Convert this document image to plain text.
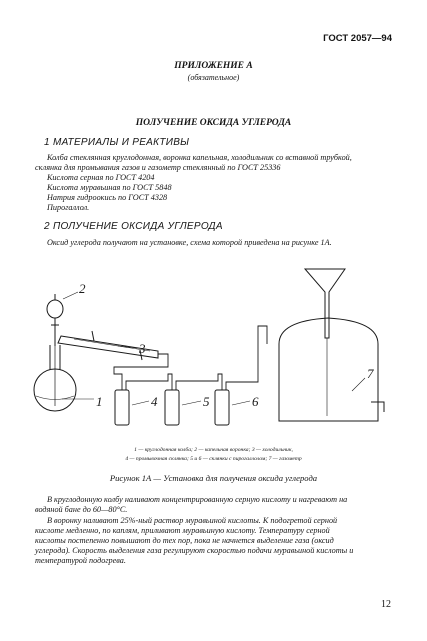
ГОСТ 2057—94
ПРИЛОЖЕНИЕ А
(обязательное)
ПОЛУЧЕНИЕ ОКСИДА УГЛЕРОДА
1 МАТЕРИАЛЫ И РЕАКТИВЫ
Колба стеклянная круглодонная, воронка капельная, холодильник со вставной трубкой,
склянка для промывания газов и газометр стеклянный по ГОСТ 25336
Кислота серная по ГОСТ 4204
Кислота муравьиная по ГОСТ 5848
Натрия гидроокись по ГОСТ 4328
Пирогаллол.
2 ПОЛУЧЕНИЕ ОКСИДА УГЛЕРОДА
Оксид углерода получают на установке, схема которой приведена на рисунке 1А.
1
2
3
4	5	6
7
1 — круглодонная колба; 2 — капельная воронка; 3 — холодильник,
4 — промывочная склянка; 5 и 6 — склянки с пирогаллолом; 7 — газометр
Рисунок 1А — Установка для получения оксида углерода
В круглодонную колбу наливают концентрированную серную кислоту и нагревают на
водяной бане до 60—80°С.
В воронку наливают 25%-ный раствор муравьиной кислоты. К подогретой серной
кислоте медленно, по каплям, приливают муравьиную кислоту. Температуру серной
кислоты постепенно повышают до тех пор, пока не начнется выделение газа (оксид
углерода). Скорость выделения газа регулируют скоростью подачи муравьиной кислоты и
температурой подогрева.
12
